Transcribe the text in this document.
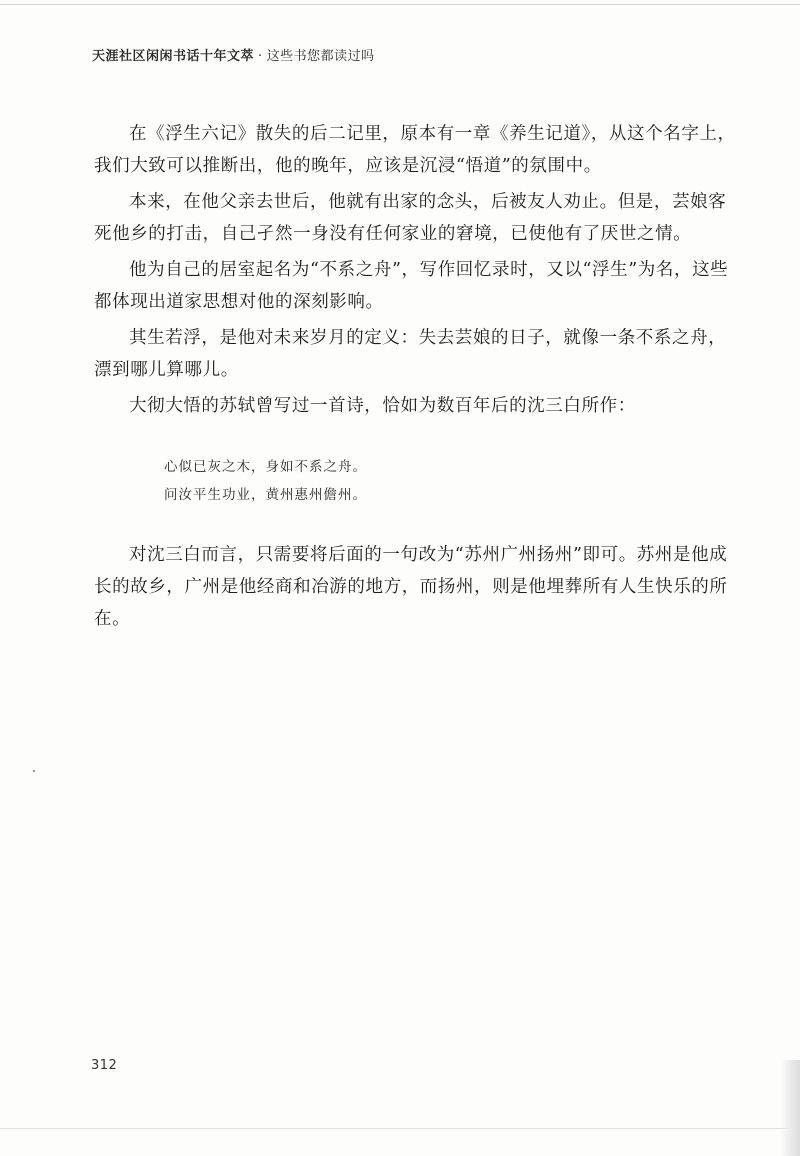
天涯社区闲闲书话十年文萃 · 这些书您都读过吗

在《浮生六记》散失的后二记里，原本有一章《养生记道》，从这个名字上，我们大致可以推断出，他的晚年，应该是沉浸“悟道”的氛围中。

本来，在他父亲去世后，他就有出家的念头，后被友人劝止。但是，芸娘客死他乡的打击，自己孑然一身没有任何家业的窘境，已使他有了厌世之情。

他为自己的居室起名为“不系之舟”，写作回忆录时，又以“浮生”为名，这些都体现出道家思想对他的深刻影响。

其生若浮，是他对未来岁月的定义：失去芸娘的日子，就像一条不系之舟，漂到哪儿算哪儿。

大彻大悟的苏轼曾写过一首诗，恰如为数百年后的沈三白所作：

心似已灰之木，身如不系之舟。

问汝平生功业，黄州惠州儋州。

对沈三白而言，只需要将后面的一句改为“苏州广州扬州”即可。苏州是他成长的故乡，广州是他经商和冶游的地方，而扬州，则是他埋葬所有人生快乐的所在。

312
